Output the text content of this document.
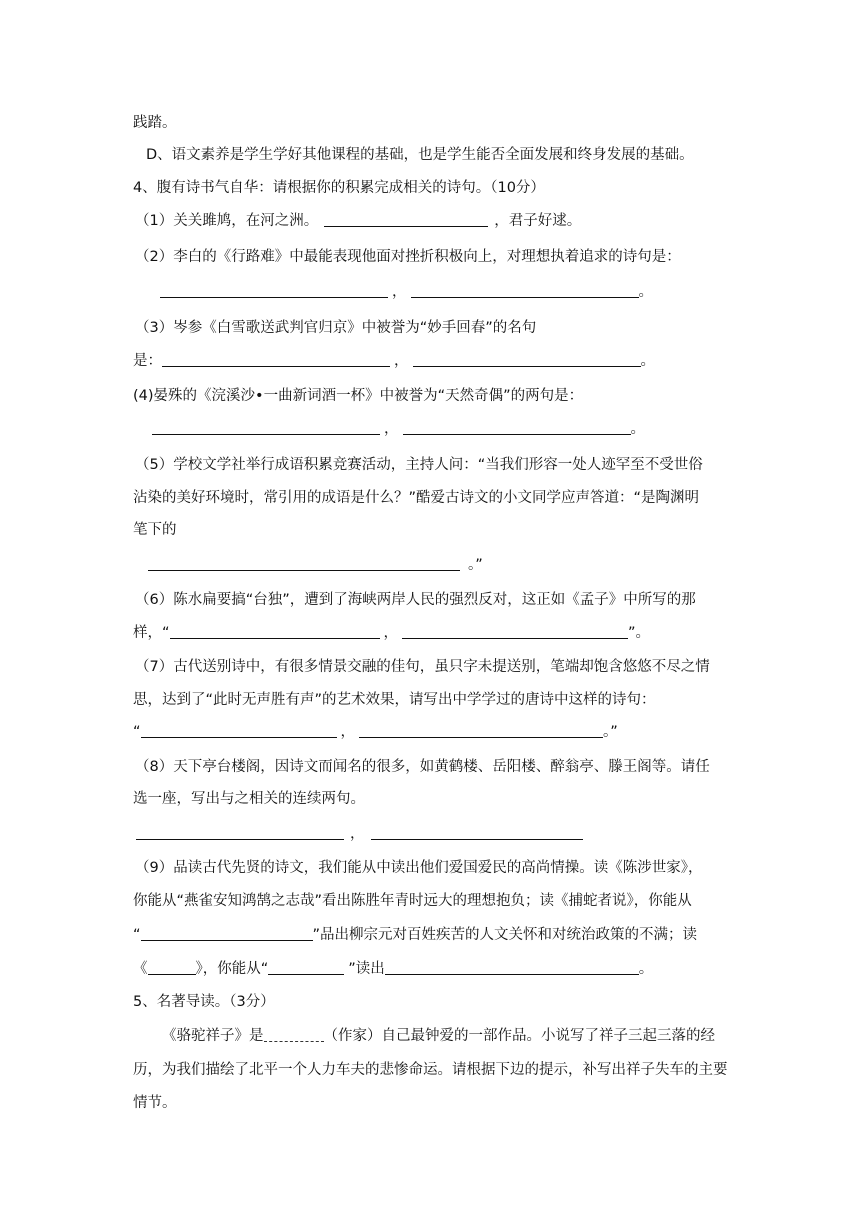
践踏。
D、语文素养是学生学好其他课程的基础，也是学生能否全面发展和终身发展的基础。
4、腹有诗书气自华：请根据你的积累完成相关的诗句。（10分）
（1）关关雎鸠，在河之洲。	，君子好逑。
（2）李白的《行路难》中最能表现他面对挫折积极向上，对理想执着追求的诗句是：
，	。
（3）岑参《白雪歌送武判官归京》中被誉为“妙手回春”的名句
是：	，	。
(4)晏殊的《浣溪沙•一曲新词酒一杯》中被誉为“天然奇偶”的两句是：
，	。
（5）学校文学社举行成语积累竞赛活动，主持人问：“当我们形容一处人迹罕至不受世俗
沾染的美好环境时，常引用的成语是什么？”酷爱古诗文的小文同学应声答道：“是陶渊明
笔下的
。”
（6）陈水扁要搞“台独”，遭到了海峡两岸人民的强烈反对，这正如《孟子》中所写的那
样，“	，	”。
（7）古代送别诗中，有很多情景交融的佳句，虽只字未提送别，笔端却饱含悠悠不尽之情
思，达到了“此时无声胜有声”的艺术效果，请写出中学学过的唐诗中这样的诗句：
“	，	。”
（8）天下亭台楼阁，因诗文而闻名的很多，如黄鹤楼、岳阳楼、醉翁亭、滕王阁等。请任
选一座，写出与之相关的连续两句。
，
（9）品读古代先贤的诗文，我们能从中读出他们爱国爱民的高尚情操。读《陈涉世家》，
你能从“燕雀安知鸿鹄之志哉”看出陈胜年青时远大的理想抱负；读《捕蛇者说》，你能从
“	”品出柳宗元对百姓疾苦的人文关怀和对统治政策的不满；读
《	》，你能从“	”读出	。
5、名著导读。（3分）
《骆驼祥子》是	（作家）自己最钟爱的一部作品。小说写了祥子三起三落的经
历，为我们描绘了北平一个人力车夫的悲惨命运。请根据下边的提示，补写出祥子失车的主要
情节。
